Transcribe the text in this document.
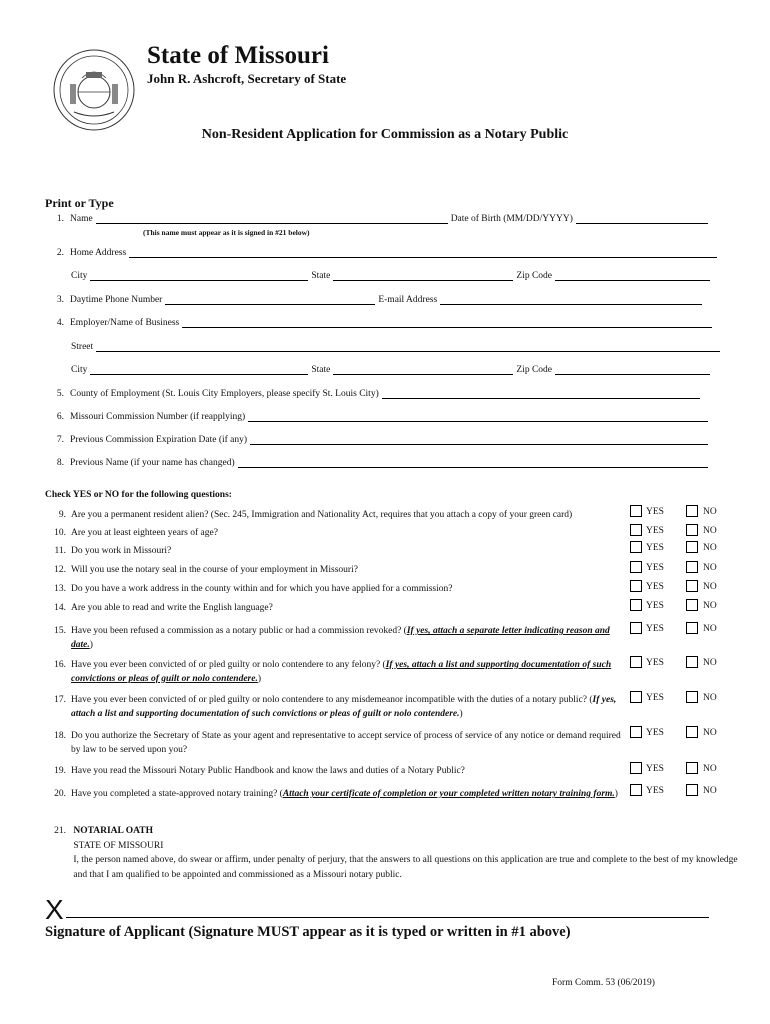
State of Missouri
John R. Ashcroft, Secretary of State
Non-Resident Application for Commission as a Notary Public
Print or Type
1. Name	Date of Birth (MM/DD/YYYY)
(This name must appear as it is signed in #21 below)
2. Home Address
City	State	Zip Code
3. Daytime Phone Number	E-mail Address
4. Employer/Name of Business
Street
City	State	Zip Code
5. County of Employment (St. Louis City Employers, please specify St. Louis City)
6. Missouri Commission Number (if reapplying)
7. Previous Commission Expiration Date (if any)
8. Previous Name (if your name has changed)
Check YES or NO for the following questions:
9. Are you a permanent resident alien? (Sec. 245, Immigration and Nationality Act, requires that you attach a copy of your green card)	YES	NO
10. Are you at least eighteen years of age?	YES	NO
11. Do you work in Missouri?	YES	NO
12. Will you use the notary seal in the course of your employment in Missouri?	YES	NO
13. Do you have a work address in the county within and for which you have applied for a commission?	YES	NO
14. Are you able to read and write the English language?	YES	NO
15. Have you been refused a commission as a notary public or had a commission revoked? (If yes, attach a separate letter indicating reason and date.)
YES	NO
16. Have you ever been convicted of or pled guilty or nolo contendere to any felony? (If yes, attach a list and supporting documentation of such convictions or pleas of guilt or nolo contendere.)
YES	NO
17. Have you ever been convicted of or pled guilty or nolo contendere to any misdemeanor incompatible with the duties of a notary public? (If yes, attach a list and supporting documentation of such convictions or pleas of guilt or nolo contendere.)
YES	NO
18. Do you authorize the Secretary of State as your agent and representative to accept service of process of service of any notice or demand required by law to be served upon you?
YES	NO
19. Have you read the Missouri Notary Public Handbook and know the laws and duties of a Notary Public?	YES	NO
20. Have you completed a state-approved notary training? (Attach your certificate of completion or your completed written notary training form.)	YES	NO
21. NOTARIAL OATH
STATE OF MISSOURI
I, the person named above, do swear or affirm, under penalty of perjury, that the answers to all questions on this application are true and complete to the best of my knowledge and that I am qualified to be appointed and commissioned as a Missouri notary public.
X
Signature of Applicant (Signature MUST appear as it is typed or written in #1 above)
Form Comm. 53 (06/2019)
